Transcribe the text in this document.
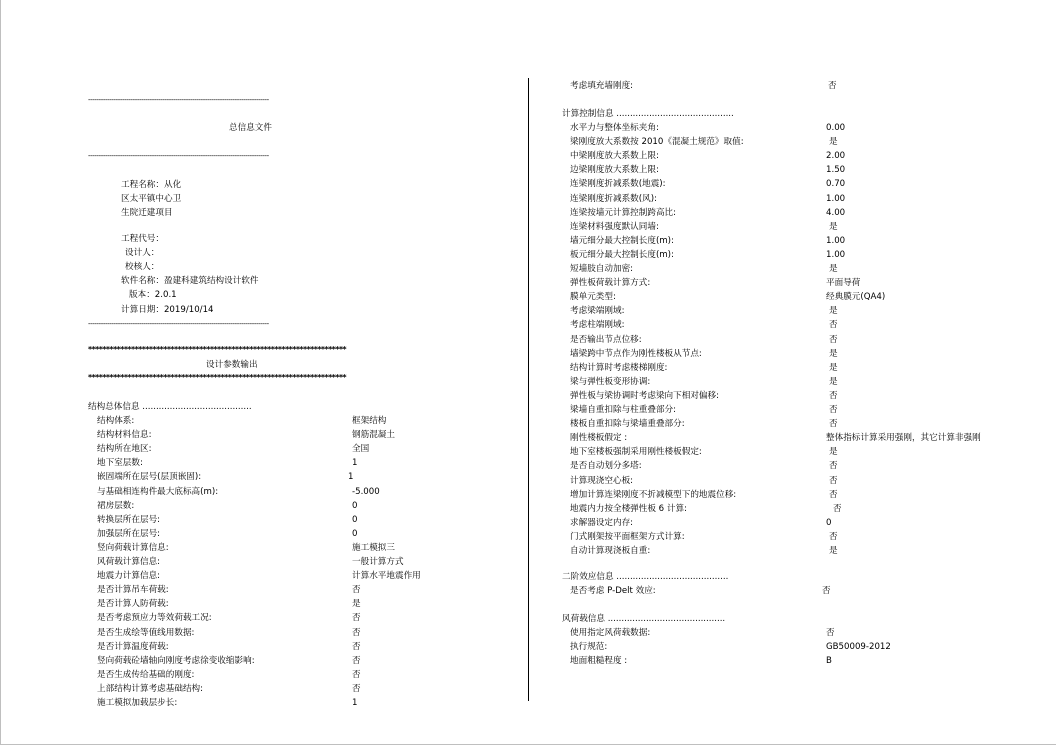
-------------------------------------------------------------------------------------
总信息文件
-------------------------------------------------------------------------------------
工程名称：从化
区太平镇中心卫
生院迁建项目
工程代号：
设计人：
校核人：
软件名称：盈建科建筑结构设计软件
版本：2.0.1
计算日期：2019/10/14
-------------------------------------------------------------------------------------
************************************************************************
设计参数输出
************************************************************************
结构总体信息 ........................................
结构体系:	框架结构
结构材料信息:	钢筋混凝土
结构所在地区:	全国
地下室层数:	1
嵌固端所在层号(层顶嵌固):	1
与基础相连构件最大底标高(m):	-5.000
裙房层数:	0
转换层所在层号:	0
加强层所在层号:	0
竖向荷载计算信息:	施工模拟三
风荷载计算信息:	一般计算方式
地震力计算信息:	计算水平地震作用
是否计算吊车荷载:	否
是否计算人防荷载:	是
是否考虑预应力等效荷载工况:	否
是否生成绘等值线用数据:	否
是否计算温度荷载:	否
竖向荷载砼墙轴向刚度考虑徐变收缩影响:	否
是否生成传给基础的刚度:	否
上部结构计算考虑基础结构:	否
施工模拟加载层步长:	1
考虑填充墙刚度:	否
计算控制信息 ...........................................
水平力与整体坐标夹角:	0.00
梁刚度放大系数按 2010《混凝土规范》取值:	是
中梁刚度放大系数上限:	2.00
边梁刚度放大系数上限:	1.50
连梁刚度折减系数(地震):	0.70
连梁刚度折减系数(风):	1.00
连梁按墙元计算控制跨高比:	4.00
连梁材料强度默认同墙:	是
墙元细分最大控制长度(m):	1.00
板元细分最大控制长度(m):	1.00
短墙肢自动加密:	是
弹性板荷载计算方式:	平面导荷
膜单元类型:	经典膜元(QA4)
考虑梁端刚域:	是
考虑柱端刚域:	否
是否输出节点位移:	否
墙梁跨中节点作为刚性楼板从节点:	是
结构计算时考虑楼梯刚度:	是
梁与弹性板变形协调:	是
弹性板与梁协调时考虑梁向下相对偏移:	否
梁墙自重扣除与柱重叠部分:	否
楼板自重扣除与梁墙重叠部分:	否
刚性楼板假定 :	整体指标计算采用强刚，其它计算非强刚
地下室楼板强制采用刚性楼板假定:	是
是否自动划分多塔:	否
计算现浇空心板:	否
增加计算连梁刚度不折减模型下的地震位移:	否
地震内力按全楼弹性板 6 计算:	否
求解器设定内存:	0
门式刚架按平面框架方式计算:	否
自动计算现浇板自重:	是
二阶效应信息 .........................................
是否考虑 P-Delt 效应:	否
风荷载信息 ...........................................
使用指定风荷载数据:	否
执行规范:	GB50009-2012
地面粗糙程度 :	B
